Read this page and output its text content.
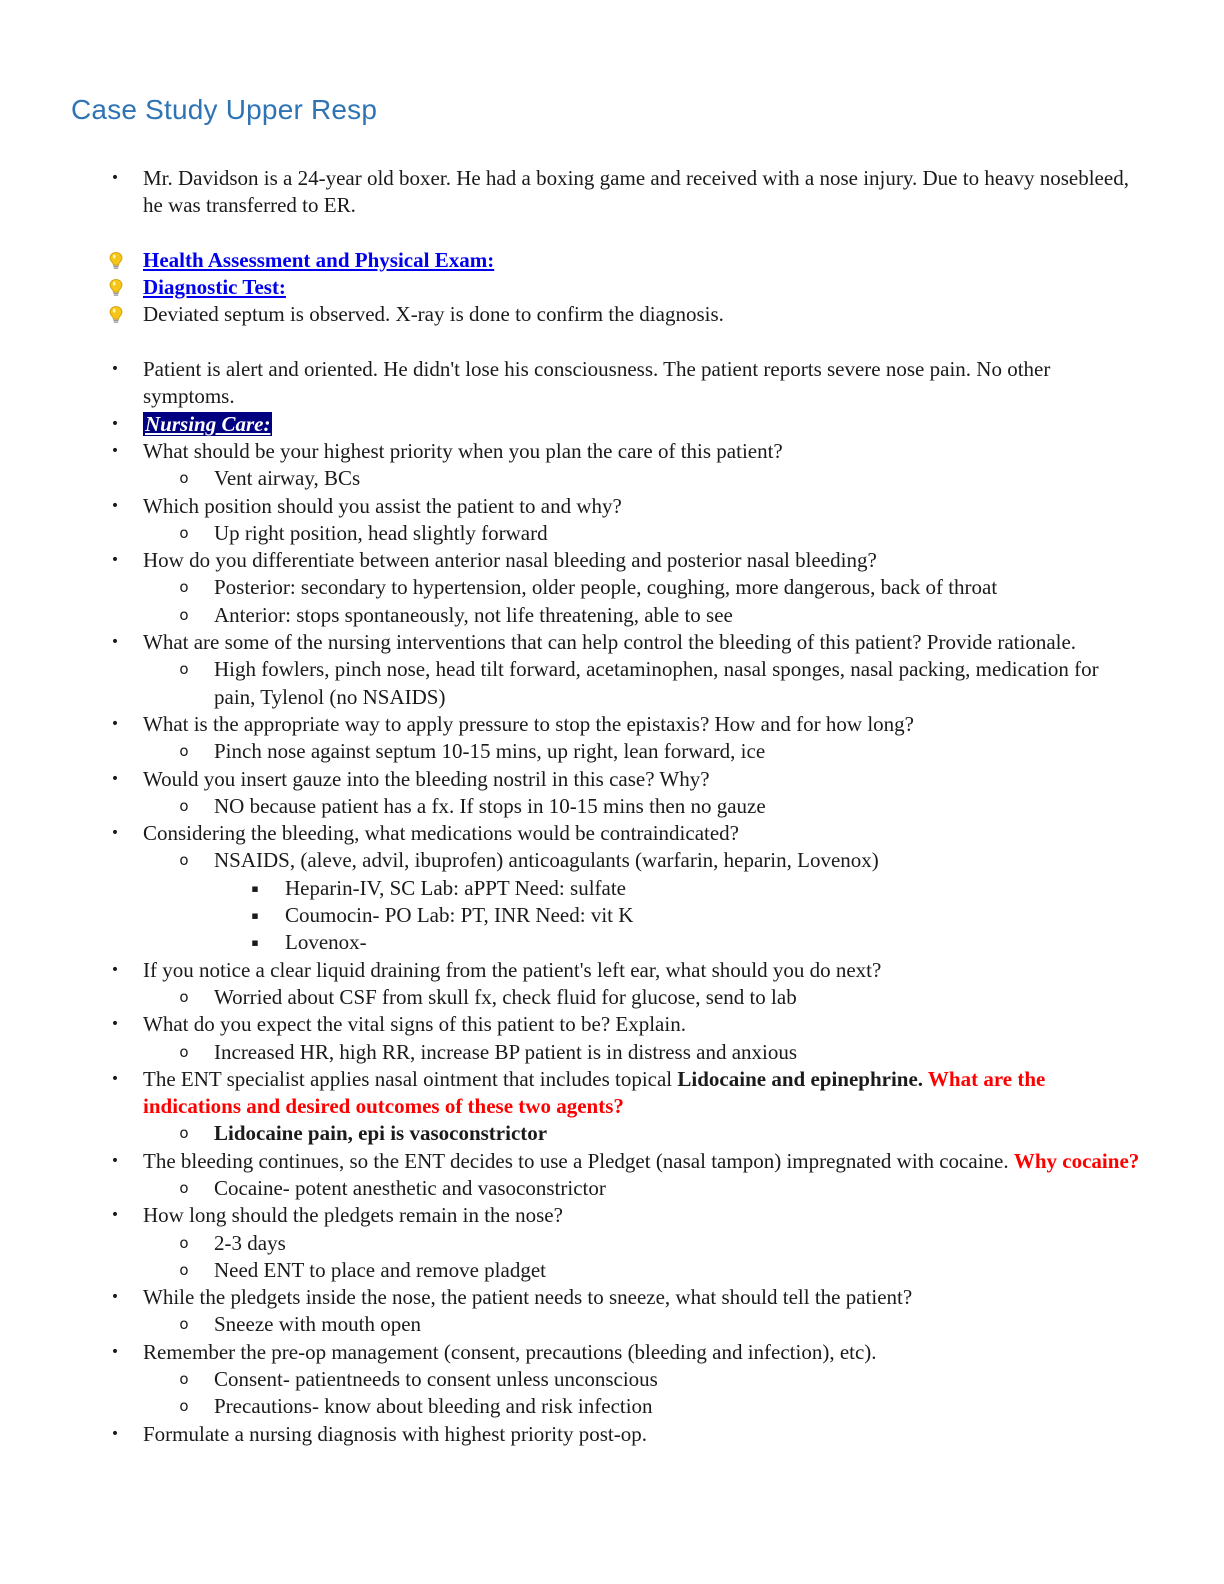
Case Study Upper Resp
• Mr. Davidson is a 24-year old boxer. He had a boxing game and received with a nose injury. Due to heavy nosebleed, he was transferred to ER.
Health Assessment and Physical Exam:
Diagnostic Test:
Deviated septum is observed. X-ray is done to confirm the diagnosis.
• Patient is alert and oriented. He didn't lose his consciousness. The patient reports severe nose pain. No other symptoms.
• Nursing Care:
• What should be your highest priority when you plan the care of this patient?
o Vent airway, BCs
• Which position should you assist the patient to and why?
o Up right position, head slightly forward
• How do you differentiate between anterior nasal bleeding and posterior nasal bleeding?
o Posterior: secondary to hypertension, older people, coughing, more dangerous, back of throat
o Anterior: stops spontaneously, not life threatening, able to see
• What are some of the nursing interventions that can help control the bleeding of this patient? Provide rationale.
o High fowlers, pinch nose, head tilt forward, acetaminophen, nasal sponges, nasal packing, medication for pain, Tylenol (no NSAIDS)
• What is the appropriate way to apply pressure to stop the epistaxis? How and for how long?
o Pinch nose against septum 10-15 mins, up right, lean forward, ice
• Would you insert gauze into the bleeding nostril in this case? Why?
o NO because patient has a fx. If stops in 10-15 mins then no gauze
• Considering the bleeding, what medications would be contraindicated?
o NSAIDS, (aleve, advil, ibuprofen) anticoagulants (warfarin, heparin, Lovenox)
▪ Heparin-IV, SC Lab: aPPT Need: sulfate
▪ Coumocin- PO Lab: PT, INR Need: vit K
▪ Lovenox-
• If you notice a clear liquid draining from the patient's left ear, what should you do next?
o Worried about CSF from skull fx, check fluid for glucose, send to lab
• What do you expect the vital signs of this patient to be? Explain.
o Increased HR, high RR, increase BP patient is in distress and anxious
• The ENT specialist applies nasal ointment that includes topical Lidocaine and epinephrine. What are the indications and desired outcomes of these two agents?
o Lidocaine pain, epi is vasoconstrictor
• The bleeding continues, so the ENT decides to use a Pledget (nasal tampon) impregnated with cocaine. Why cocaine?
o Cocaine- potent anesthetic and vasoconstrictor
• How long should the pledgets remain in the nose?
o 2-3 days
o Need ENT to place and remove pladget
• While the pledgets inside the nose, the patient needs to sneeze, what should tell the patient?
o Sneeze with mouth open
• Remember the pre-op management (consent, precautions (bleeding and infection), etc).
o Consent- patientneeds to consent unless unconscious
o Precautions- know about bleeding and risk infection
• Formulate a nursing diagnosis with highest priority post-op.
